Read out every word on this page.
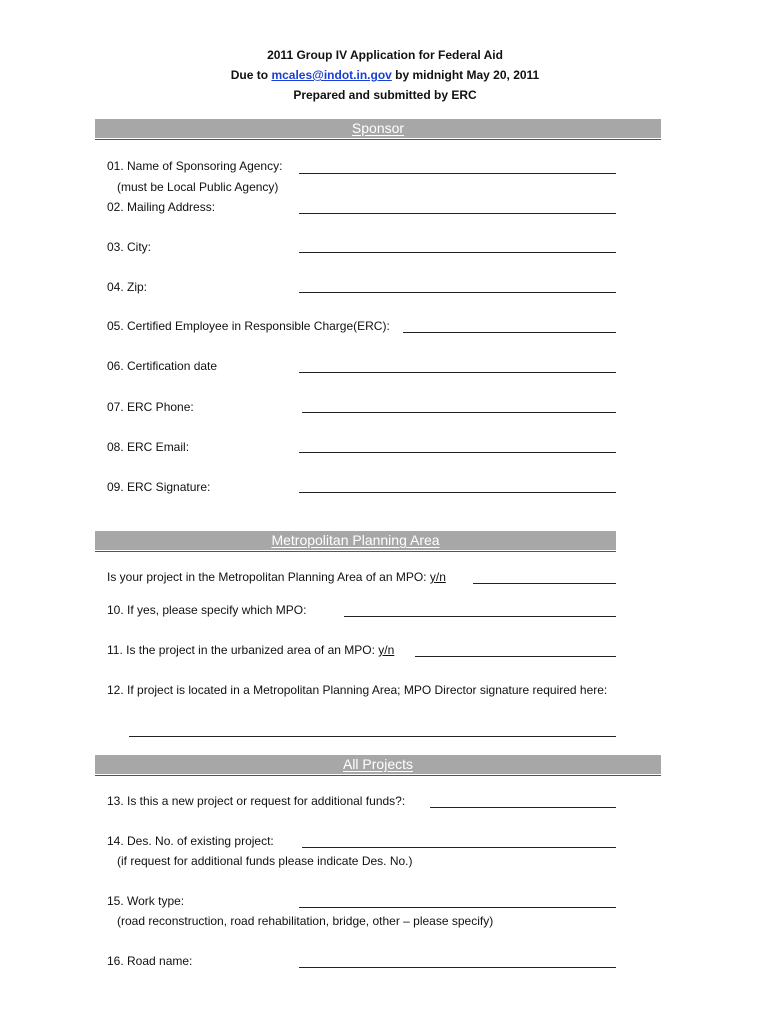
2011 Group IV Application for Federal Aid
Due to mcales@indot.in.gov by midnight May 20, 2011
Prepared and submitted by ERC
Sponsor
01. Name of Sponsoring Agency:
(must be Local Public Agency)
02. Mailing Address:
03. City:
04. Zip:
05. Certified Employee in Responsible Charge(ERC):
06. Certification date
07. ERC Phone:
08. ERC Email:
09. ERC Signature:
Metropolitan Planning Area
Is your project in the Metropolitan Planning Area of an MPO: y/n
10. If yes, please specify which MPO:
11. Is the project in the urbanized area of an MPO: y/n
12. If project is located in a Metropolitan Planning Area; MPO Director signature required here:
All Projects
13. Is this a new project or request for additional funds?:
14. Des. No. of existing project:
(if request for additional funds please indicate Des. No.)
15. Work type:
(road reconstruction, road rehabilitation, bridge, other – please specify)
16. Road name:
